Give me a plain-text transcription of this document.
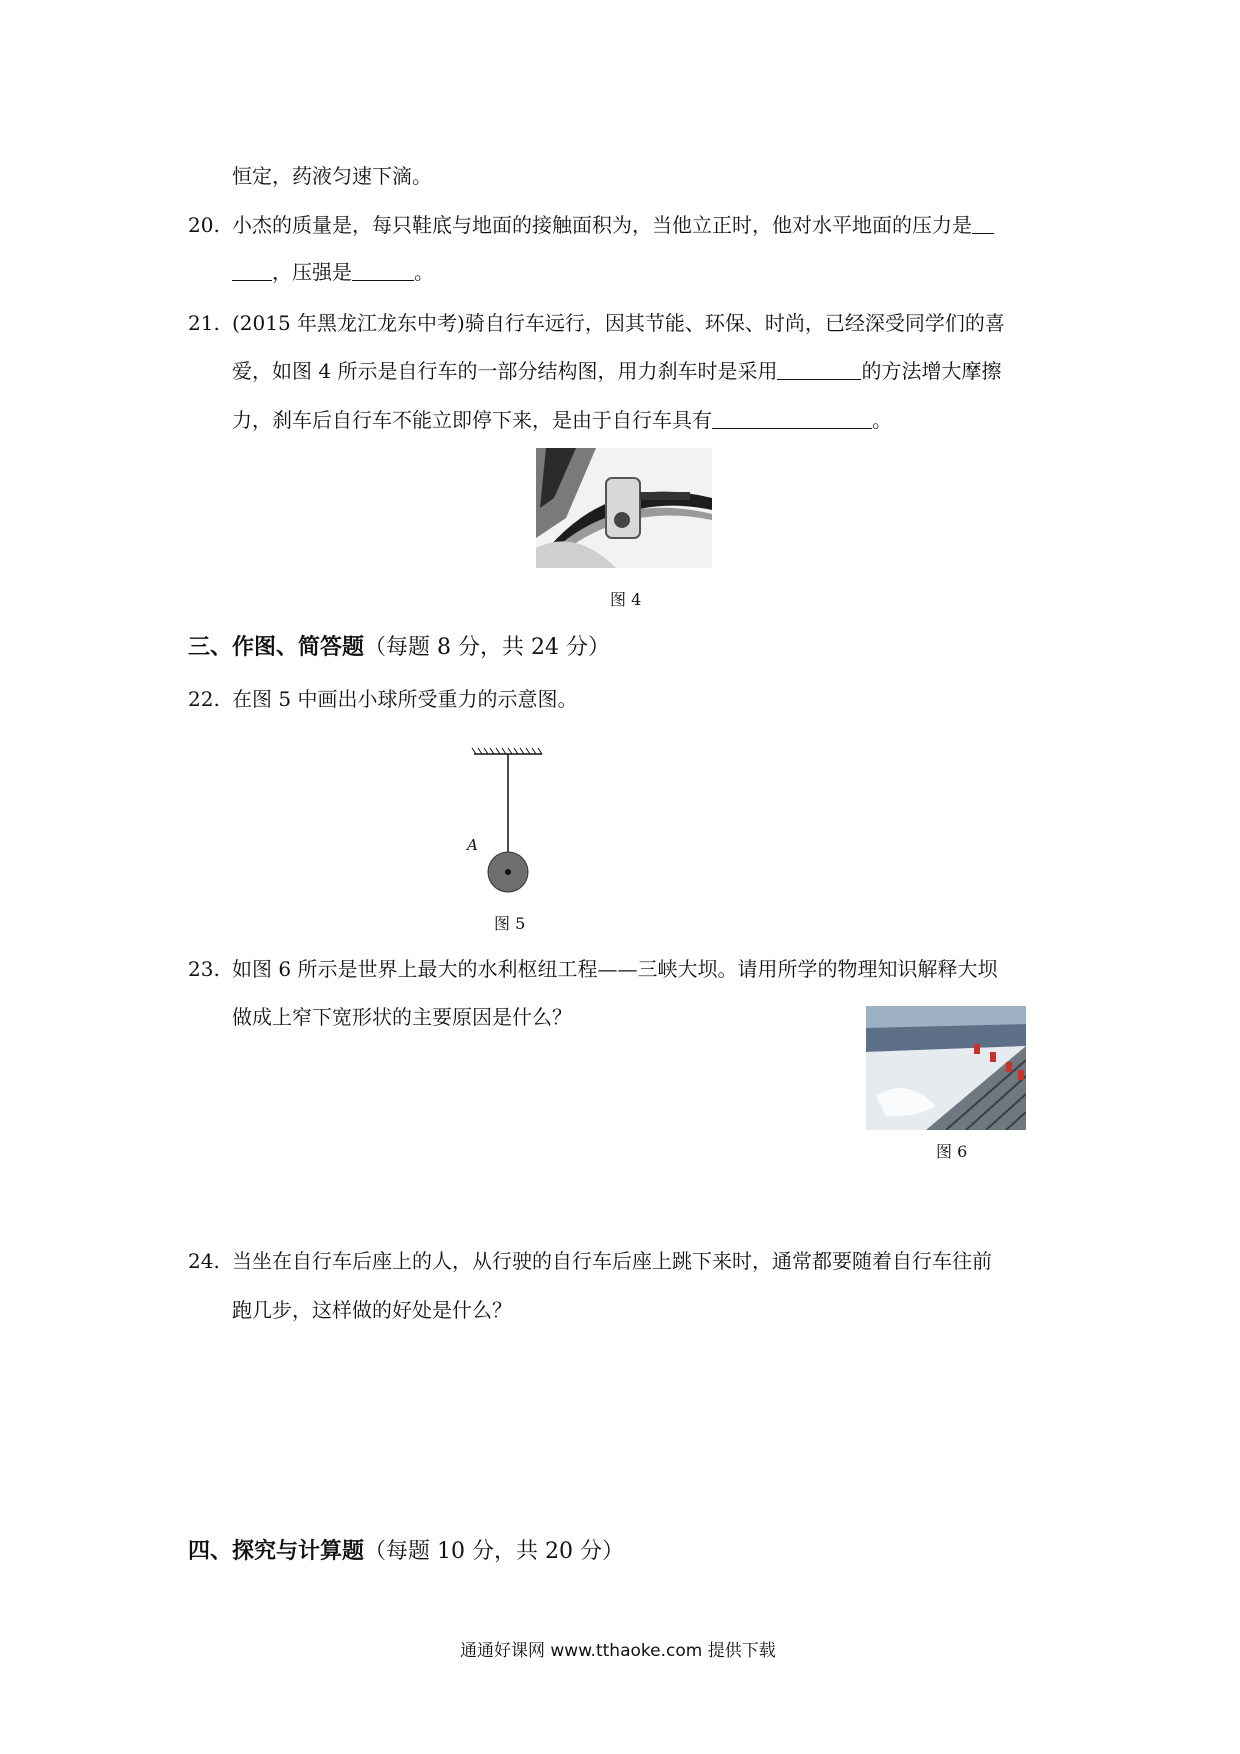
恒定，药液匀速下滴。
20. 小杰的质量是，每只鞋底与地面的接触面积为，当他立正时，他对水平地面的压力是
，压强是	。
21. (2015 年黑龙江龙东中考)骑自行车远行，因其节能、环保、时尚，已经深受同学们的喜
爱，如图 4 所示是自行车的一部分结构图，用力刹车时是采用	的方法增大摩擦
力，刹车后自行车不能立即停下来，是由于自行车具有	。
图 4
三、作图、简答题（每题 8 分，共 24 分）
22. 在图 5 中画出小球所受重力的示意图。
A
图 5
23. 如图 6 所示是世界上最大的水利枢纽工程——三峡大坝。请用所学的物理知识解释大坝
做成上窄下宽形状的主要原因是什么？
图 6
24. 当坐在自行车后座上的人，从行驶的自行车后座上跳下来时，通常都要随着自行车往前
跑几步，这样做的好处是什么？
四、探究与计算题（每题 10 分，共 20 分）
通通好课网 www.tthaoke.com 提供下载
